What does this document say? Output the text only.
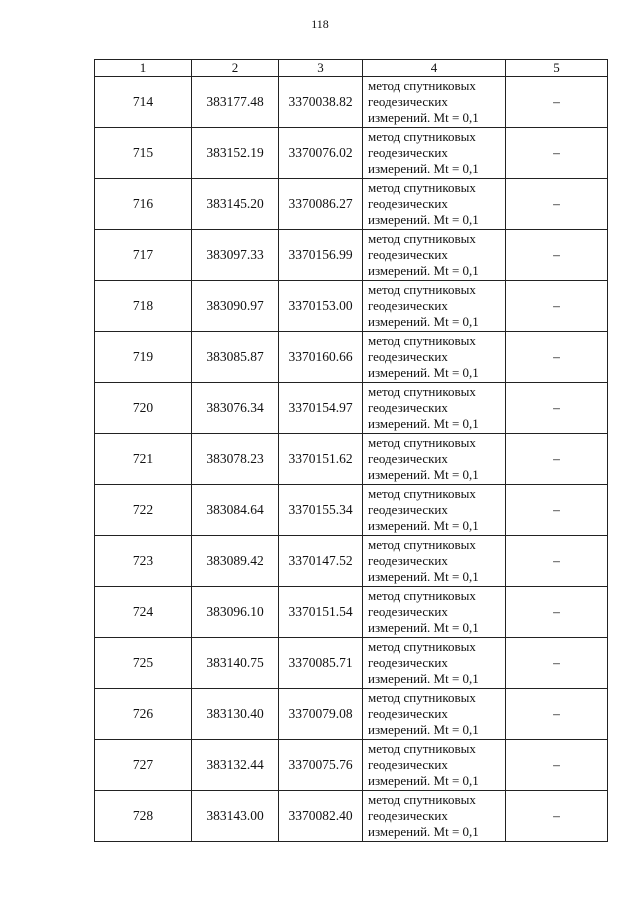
118
1	2	3	4	5
714	383177.48	3370038.82	метод спутниковых
геодезических
измерений. Mt = 0,1	–
715	383152.19	3370076.02	метод спутниковых
геодезических
измерений. Mt = 0,1	–
716	383145.20	3370086.27	метод спутниковых
геодезических
измерений. Mt = 0,1	–
717	383097.33	3370156.99	метод спутниковых
геодезических
измерений. Mt = 0,1	–
718	383090.97	3370153.00	метод спутниковых
геодезических
измерений. Mt = 0,1	–
719	383085.87	3370160.66	метод спутниковых
геодезических
измерений. Mt = 0,1	–
720	383076.34	3370154.97	метод спутниковых
геодезических
измерений. Mt = 0,1	–
721	383078.23	3370151.62	метод спутниковых
геодезических
измерений. Mt = 0,1	–
722	383084.64	3370155.34	метод спутниковых
геодезических
измерений. Mt = 0,1	–
723	383089.42	3370147.52	метод спутниковых
геодезических
измерений. Mt = 0,1	–
724	383096.10	3370151.54	метод спутниковых
геодезических
измерений. Mt = 0,1	–
725	383140.75	3370085.71	метод спутниковых
геодезических
измерений. Mt = 0,1	–
726	383130.40	3370079.08	метод спутниковых
геодезических
измерений. Mt = 0,1	–
727	383132.44	3370075.76	метод спутниковых
геодезических
измерений. Mt = 0,1	–
728	383143.00	3370082.40	метод спутниковых
геодезических
измерений. Mt = 0,1	–
